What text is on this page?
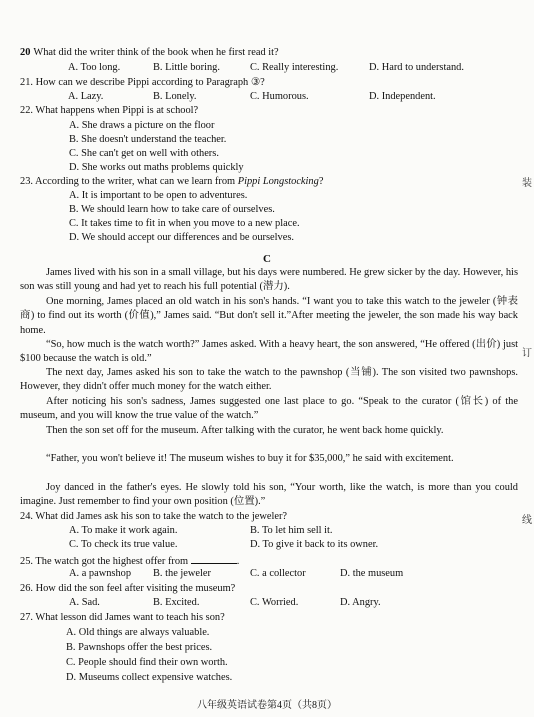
20 What did the writer think of the book when he first read it?
A. Too long.	B. Little boring.	C. Really interesting.	D. Hard to understand.
21. How can we describe Pippi according to Paragraph ③?
A. Lazy.	B. Lonely.	C. Humorous.	D. Independent.
22. What happens when Pippi is at school?
A. She draws a picture on the floor
B. She doesn't understand the teacher.
C. She can't get on well with others.
D. She works out maths problems quickly
23. According to the writer, what can we learn from Pippi Longstocking?
A. It is important to be open to adventures.
B. We should learn how to take care of ourselves.
C. It takes time to fit in when you move to a new place.
D. We should accept our differences and be ourselves.
C
James lived with his son in a small village, but his days were numbered. He grew sicker by the day. However, his son was still young and had yet to reach his full potential (潜力).
One morning, James placed an old watch in his son's hands. “I want you to take this watch to the jeweler (钟表商) to find out its worth (价值),” James said. “But don't sell it.”After meeting the jeweler, the son made his way back home.
“So, how much is the watch worth?” James asked. With a heavy heart, the son answered, “He offered (出价) just $100 because the watch is old.”
The next day, James asked his son to take the watch to the pawnshop (当铺). The son visited two pawnshops. However, they didn't offer much money for the watch either.
After noticing his son's sadness, James suggested one last place to go. “Speak to the curator (馆长) of the museum, and you will know the true value of the watch.”
Then the son set off for the museum. After talking with the curator, he went back home quickly.
“Father, you won't believe it! The museum wishes to buy it for $35,000,” he said with excitement.
Joy danced in the father's eyes. He slowly told his son, “Your worth, like the watch, is more than you could imagine. Just remember to find your own position (位置).”
24. What did James ask his son to take the watch to the jeweler?
A. To make it work again.	B. To let him sell it.
C. To check its true value.	D. To give it back to its owner.
25. The watch got the highest offer from	.
A. a pawnshop B. the jeweler	C. a collector	D. the museum
26. How did the son feel after visiting the museum?
A. Sad.	B. Excited.	C. Worried.	D. Angry.
27. What lesson did James want to teach his son?
A. Old things are always valuable.
B. Pawnshops offer the best prices.
C. People should find their own worth.
D. Museums collect expensive watches.
八年级英语试卷第4页（共8页）
装
订
线
